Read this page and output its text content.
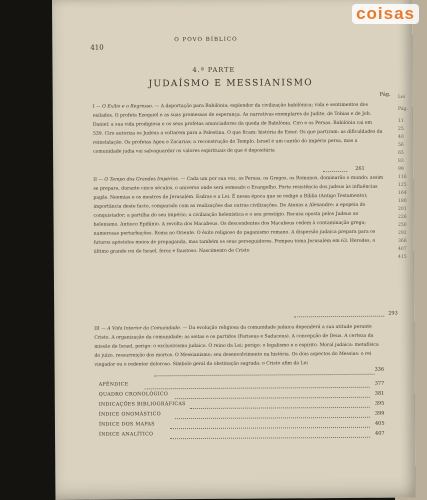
410
O POVO BÍBLICO
4.ª PARTE
JUDAÍSMO E MESSIANISMO
Pág.
I — O Exílio e o Regresso. — A deportação para Babilónia; esplendor da civilização babilónica; vida e sentimentos dos exilados. O profeta Ezequiel e as suas promessas de esperança. As narrativas exemplares de Judite, de Tobias e de Job. Daniel: a sua vida prodigiosa e os seus profetas anunciadores da queda de Babilónia. Ciro e os Persas. Babilónia cai em 539. Ciro autoriza os Judeus a voltarem para a Palestina. O que ficam: história de Ester. Os que partiram: as dificuldades da reinstalação. Os profetas Ageu e Zacarias; a reconstrução do Templo. Israel é um cantão do império persa, mas a comunidade judia vai salvaguardar os valores espirituais de que é depositária
261
II — O Tempo dos Grandes Impérios. — Cada um por sua vez, os Persas, os Gregos, os Romanos, dominarão o mundo; assim se prepara, durante cinco séculos, o universo onde será semeado o Evangelho. Porte resistência dos judeus às influências pagãs. Neemias e os mestres de Jerusalém. Esdras e a Lei. É nessa época que se redige a Bíblia (Antigo Testamento); importância deste facto, comparado com as realizações das outras civilizações. De Atenas a Alexandre; a epopeia do conquistador; a partilha do seu império; a civilização helenística e o seu prestígio. Recusa oposta pelos Judeus ao helenismo. Antíoco Epifânio. A revolta dos Macabeus. Os descendentes dos Macabeus cedem à contaminação grega; numerosas perturbações. Roma no Oriente. O êxito religioso do paganismo romano. A dispersão judaica prepara para os futuros apóstolos meios de propaganda, mas também os seus perseguidores. Pompeu toma Jerusalém em 63. Herodes, o último grande rei de Israel, feroz e faustoso. Nascimento de Cristo
293
III — A Vida Interior da Comunidade. — Da evolução religiosa da comunidade judaica dependerá a sua atitude perante Cristo. A organização da comunidade; as seitas e os partidos (Fariseus e Saduceus). A concepção de Deus. A certeza da missão de Israel, perigo: o exclusivismo judaico. O reino da Lei; perigo: o legalismo e o espírito. Moral judaica: metafísica do juízo, ressurreição dos mortos. O Messianismo; seu desenvolvimento na história. Os dois aspectos do Messias: o rei vingador ou o redentor doloroso. Símbolo geral da obstinação sagrada: o Cristo afim da Lei
336
APÊNDICE	377
QUADRO CRONOLÓGICO	381
INDICAÇÕES BIBLIOGRÁFICAS	395
ÍNDICE ONOMÁSTICO	399
ÍNDICE DOS MAPAS	405
ÍNDICE ANALÍTICO	407
Lei
Pág.
11
25
40
56
65
83
99
116
125
164
180
201
226
250
292
366
407
415
coisas
